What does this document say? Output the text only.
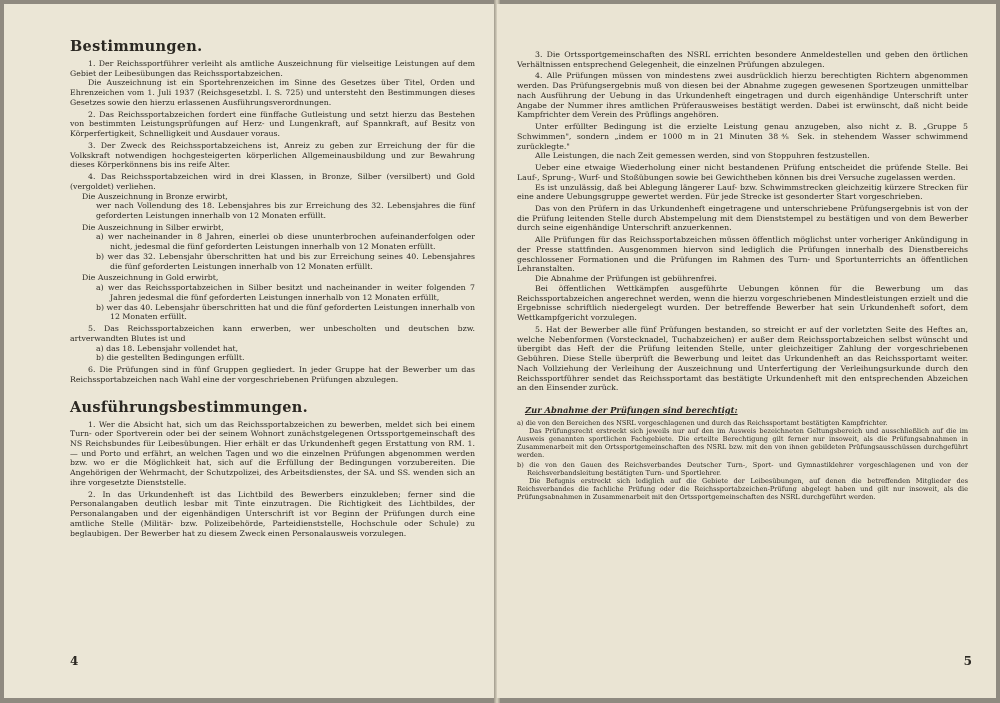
Bestimmungen.

1. Der Reichssportführer verleiht als amtliche Auszeichnung für vielseitige Leistungen auf dem Gebiet der Leibesübungen das Reichssportabzeichen.

Die Auszeichnung ist ein Sportehrenzeichen im Sinne des Gesetzes über Titel, Orden und Ehrenzeichen vom 1. Juli 1937 (Reichsgesetzbl. I. S. 725) und untersteht den Bestimmungen dieses Gesetzes sowie den hierzu erlassenen Ausführungsverordnungen.

2. Das Reichssportabzeichen fordert eine fünffache Gutleistung und setzt hierzu das Bestehen von bestimmten Leistungsprüfungen auf Herz- und Lungenkraft, auf Spannkraft, auf Besitz von Körperfertigkeit, Schnelligkeit und Ausdauer voraus.

3. Der Zweck des Reichssportabzeichens ist, Anreiz zu geben zur Erreichung der für die Volkskraft notwendigen hochgesteigerten körperlichen Allgemeinausbildung und zur Bewahrung dieses Körperkönnens bis ins reife Alter.

4. Das Reichssportabzeichen wird in drei Klassen, in Bronze, Silber (versilbert) und Gold (vergoldet) verliehen.

Die Auszeichnung in Bronze erwirbt,

wer nach Vollendung des 18. Lebensjahres bis zur Erreichung des 32. Lebensjahres die fünf geforderten Leistungen innerhalb von 12 Monaten erfüllt.

Die Auszeichnung in Silber erwirbt,

a) wer nacheinander in 8 Jahren, einerlei ob diese ununterbrochen aufeinanderfolgen oder nicht, jedesmal die fünf geforderten Leistungen innerhalb von 12 Monaten erfüllt.

b) wer das 32. Lebensjahr überschritten hat und bis zur Erreichung seines 40. Lebensjahres die fünf geforderten Leistungen innerhalb von 12 Monaten erfüllt.

Die Auszeichnung in Gold erwirbt,

a) wer das Reichssportabzeichen in Silber besitzt und nacheinander in weiter folgenden 7 Jahren jedesmal die fünf geforderten Leistungen innerhalb von 12 Monaten erfüllt,

b) wer das 40. Lebensjahr überschritten hat und die fünf geforderten Leistungen innerhalb von 12 Monaten erfüllt.

5. Das Reichssportabzeichen kann erwerben, wer unbescholten und deutschen bzw. artverwandten Blutes ist und

a) das 18. Lebensjahr vollendet hat,

b) die gestellten Bedingungen erfüllt.

6. Die Prüfungen sind in fünf Gruppen gegliedert. In jeder Gruppe hat der Bewerber um das Reichssportabzeichen nach Wahl eine der vorgeschriebenen Prüfungen abzulegen.

Ausführungsbestimmungen.

1. Wer die Absicht hat, sich um das Reichssportabzeichen zu bewerben, meldet sich bei einem Turn- oder Sportverein oder bei der seinem Wohnort zunächstgelegenen Ortssportgemeinschaft des NS Reichsbundes für Leibesübungen. Hier erhält er das Urkundenheft gegen Erstattung von RM. 1.— und Porto und erfährt, an welchen Tagen und wo die einzelnen Prüfungen abgenommen werden bzw. wo er die Möglichkeit hat, sich auf die Erfüllung der Bedingungen vorzubereiten. Die Angehörigen der Wehrmacht, der Schutzpolizei, des Arbeitsdienstes, der SA. und SS. wenden sich an ihre vorgesetzte Dienststelle.

2. In das Urkundenheft ist das Lichtbild des Bewerbers einzukleben; ferner sind die Personalangaben deutlich lesbar mit Tinte einzutragen. Die Richtigkeit des Lichtbildes, der Personalangaben und der eigenhändigen Unterschrift ist vor Beginn der Prüfungen durch eine amtliche Stelle (Militär- bzw. Polizeibehörde, Parteidienststelle, Hochschule oder Schule) zu beglaubigen. Der Bewerber hat zu diesem Zweck einen Personalausweis vorzulegen.

4

3. Die Ortssportgemeinschaften des NSRL errichten besondere Anmeldestellen und geben den örtlichen Verhältnissen entsprechend Gelegenheit, die einzelnen Prüfungen abzulegen.

4. Alle Prüfungen müssen von mindestens zwei ausdrücklich hierzu berechtigten Richtern abgenommen werden. Das Prüfungsergebnis muß von diesen bei der Abnahme zugegen gewesenen Sportzeugen unmittelbar nach Ausführung der Uebung in das Urkundenheft eingetragen und durch eigenhändige Unterschrift unter Angabe der Nummer ihres amtlichen Prüferausweises bestätigt werden. Dabei ist erwünscht, daß nicht beide Kampfrichter dem Verein des Prüflings angehören.

Unter erfüllter Bedingung ist die erzielte Leistung genau anzugeben, also nicht z. B. „Gruppe 5 Schwimmen", sondern „indem er 1000 m in 21 Minuten 38⅘ Sek. in stehendem Wasser schwimmend zurücklegte."

Alle Leistungen, die nach Zeit gemessen werden, sind von Stoppuhren festzustellen.

Ueber eine etwaige Wiederholung einer nicht bestandenen Prüfung entscheidet die prüfende Stelle. Bei Lauf-, Sprung-, Wurf- und Stoßübungen sowie bei Gewichtheben können bis drei Versuche zugelassen werden.

Es ist unzulässig, daß bei Ablegung längerer Lauf- bzw. Schwimmstrecken gleichzeitig kürzere Strecken für eine andere Uebungsgruppe gewertet werden. Für jede Strecke ist gesonderter Start vorgeschrieben.

Das von den Prüfern in das Urkundenheft eingetragene und unterschriebene Prüfungsergebnis ist von der die Prüfung leitenden Stelle durch Abstempelung mit dem Dienststempel zu bestätigen und von dem Bewerber durch seine eigenhändige Unterschrift anzuerkennen.

Alle Prüfungen für das Reichssportabzeichen müssen öffentlich möglichst unter vorheriger Ankündigung in der Presse stattfinden. Ausgenommen hiervon sind lediglich die Prüfungen innerhalb des Dienstbereichs geschlossener Formationen und die Prüfungen im Rahmen des Turn- und Sportunterrichts an öffentlichen Lehranstalten.

Die Abnahme der Prüfungen ist gebührenfrei.

Bei öffentlichen Wettkämpfen ausgeführte Uebungen können für die Bewerbung um das Reichssportabzeichen angerechnet werden, wenn die hierzu vorgeschriebenen Mindestleistungen erzielt und die Ergebnisse schriftlich niedergelegt wurden. Der betreffende Bewerber hat sein Urkundenheft sofort, dem Wettkampfgericht vorzulegen.

5. Hat der Bewerber alle fünf Prüfungen bestanden, so streicht er auf der vorletzten Seite des Heftes an, welche Nebenformen (Vorstecknadel, Tuchabzeichen) er außer dem Reichssportabzeichen selbst wünscht und übergibt das Heft der die Prüfung leitenden Stelle, unter gleichzeitiger Zahlung der vorgeschriebenen Gebühren. Diese Stelle überprüft die Bewerbung und leitet das Urkundenheft an das Reichssportamt weiter. Nach Vollziehung der Verleihung der Auszeichnung und Unterfertigung der Verleihungsurkunde durch den Reichssportführer sendet das Reichssportamt das bestätigte Urkundenheft mit den entsprechenden Abzeichen an den Einsender zurück.

Zur Abnahme der Prüfungen sind berechtigt:

a) die von den Bereichen des NSRL vorgeschlagenen und durch das Reichssportamt bestätigten Kampfrichter.

Das Prüfungsrecht erstreckt sich jeweils nur auf den im Ausweis bezeichneten Geltungsbereich und ausschließlich auf die im Ausweis genannten sportlichen Fachgebiete. Die erteilte Berechtigung gilt ferner nur insoweit, als die Prüfungsabnahmen in Zusammenarbeit mit den Ortssportgemeinschaften des NSRL bzw. mit den von ihnen gebildeten Prüfungsausschüssen durchgeführt werden.

b) die von den Gauen des Reichsverbandes Deutscher Turn-, Sport- und Gymnastiklehrer vorgeschlagenen und von der Reichsverbandsleitung bestätigten Turn- und Sportlehrer.

Die Befugnis erstreckt sich lediglich auf die Gebiete der Leibesübungen, auf denen die betreffenden Mitglieder des Reichsverbandes die fachliche Prüfung oder die Reichssportabzeichen-Prüfung abgelegt haben und gilt nur insoweit, als die Prüfungsabnahmen in Zusammenarbeit mit den Ortssportgemeinschaften des NSRL durchgeführt werden.

5
